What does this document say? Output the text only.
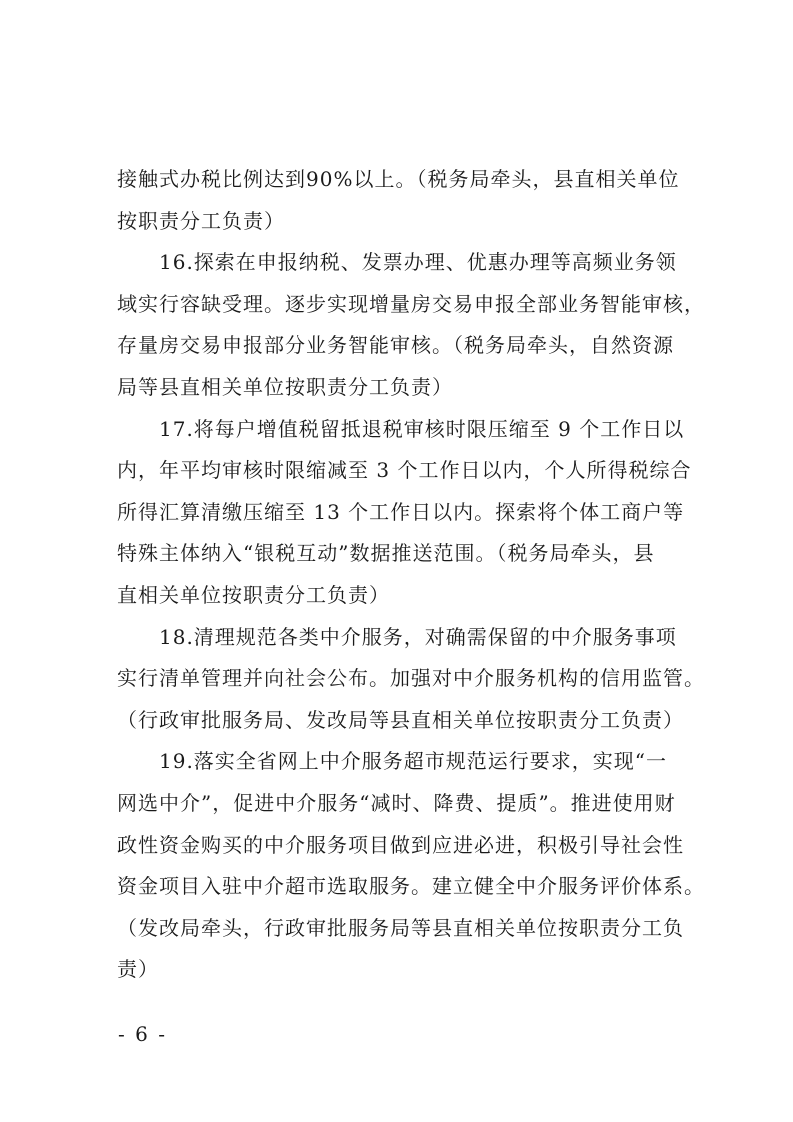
接触式办税比例达到90%以上。（税务局牵头，县直相关单位
按职责分工负责）
16.探索在申报纳税、发票办理、优惠办理等高频业务领
域实行容缺受理。逐步实现增量房交易申报全部业务智能审核，
存量房交易申报部分业务智能审核。（税务局牵头，自然资源
局等县直相关单位按职责分工负责）
17.将每户增值税留抵退税审核时限压缩至 9 个工作日以
内，年平均审核时限缩减至 3 个工作日以内，个人所得税综合
所得汇算清缴压缩至 13 个工作日以内。探索将个体工商户等
特殊主体纳入“银税互动”数据推送范围。（税务局牵头，县
直相关单位按职责分工负责）
18.清理规范各类中介服务，对确需保留的中介服务事项
实行清单管理并向社会公布。加强对中介服务机构的信用监管。
（行政审批服务局、发改局等县直相关单位按职责分工负责）
19.落实全省网上中介服务超市规范运行要求，实现“一
网选中介”，促进中介服务“减时、降费、提质”。推进使用财
政性资金购买的中介服务项目做到应进必进，积极引导社会性
资金项目入驻中介超市选取服务。建立健全中介服务评价体系。
（发改局牵头，行政审批服务局等县直相关单位按职责分工负
责）
- 6 -
